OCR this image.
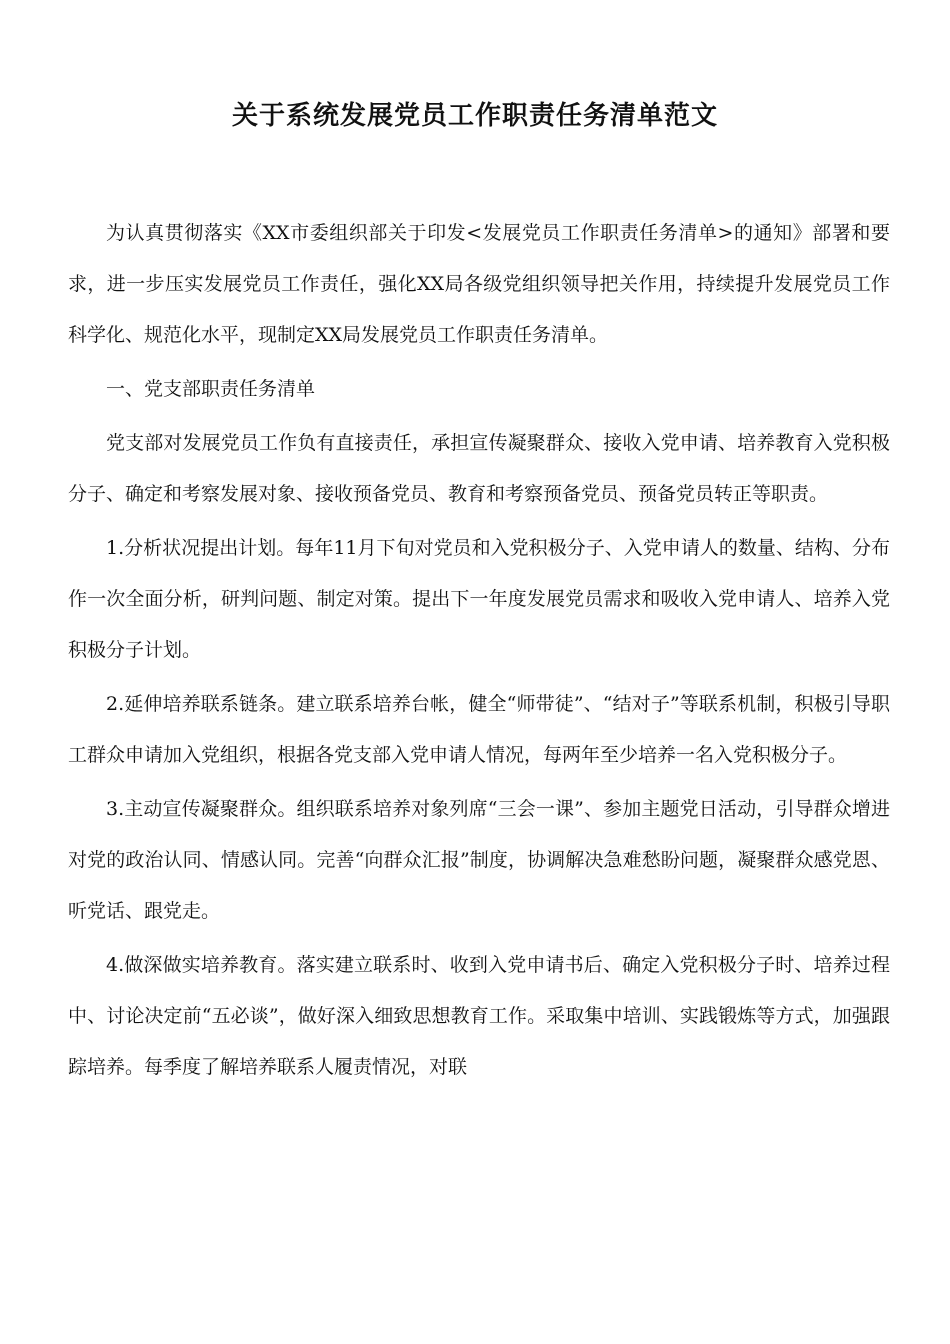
关于系统发展党员工作职责任务清单范文

为认真贯彻落实《XX市委组织部关于印发<发展党员工作职责任务清单>的通知》部署和要求，进一步压实发展党员工作责任，强化XX局各级党组织领导把关作用，持续提升发展党员工作科学化、规范化水平，现制定XX局发展党员工作职责任务清单。

一、党支部职责任务清单

党支部对发展党员工作负有直接责任，承担宣传凝聚群众、接收入党申请、培养教育入党积极分子、确定和考察发展对象、接收预备党员、教育和考察预备党员、预备党员转正等职责。

1.分析状况提出计划。每年11月下旬对党员和入党积极分子、入党申请人的数量、结构、分布作一次全面分析，研判问题、制定对策。提出下一年度发展党员需求和吸收入党申请人、培养入党积极分子计划。

2.延伸培养联系链条。建立联系培养台帐，健全“师带徒”、“结对子”等联系机制，积极引导职工群众申请加入党组织，根据各党支部入党申请人情况，每两年至少培养一名入党积极分子。

3.主动宣传凝聚群众。组织联系培养对象列席“三会一课”、参加主题党日活动，引导群众增进对党的政治认同、情感认同。完善“向群众汇报”制度，协调解决急难愁盼问题，凝聚群众感党恩、听党话、跟党走。

4.做深做实培养教育。落实建立联系时、收到入党申请书后、确定入党积极分子时、培养过程中、讨论决定前“五必谈”，做好深入细致思想教育工作。采取集中培训、实践锻炼等方式，加强跟踪培养。每季度了解培养联系人履责情况，对联
